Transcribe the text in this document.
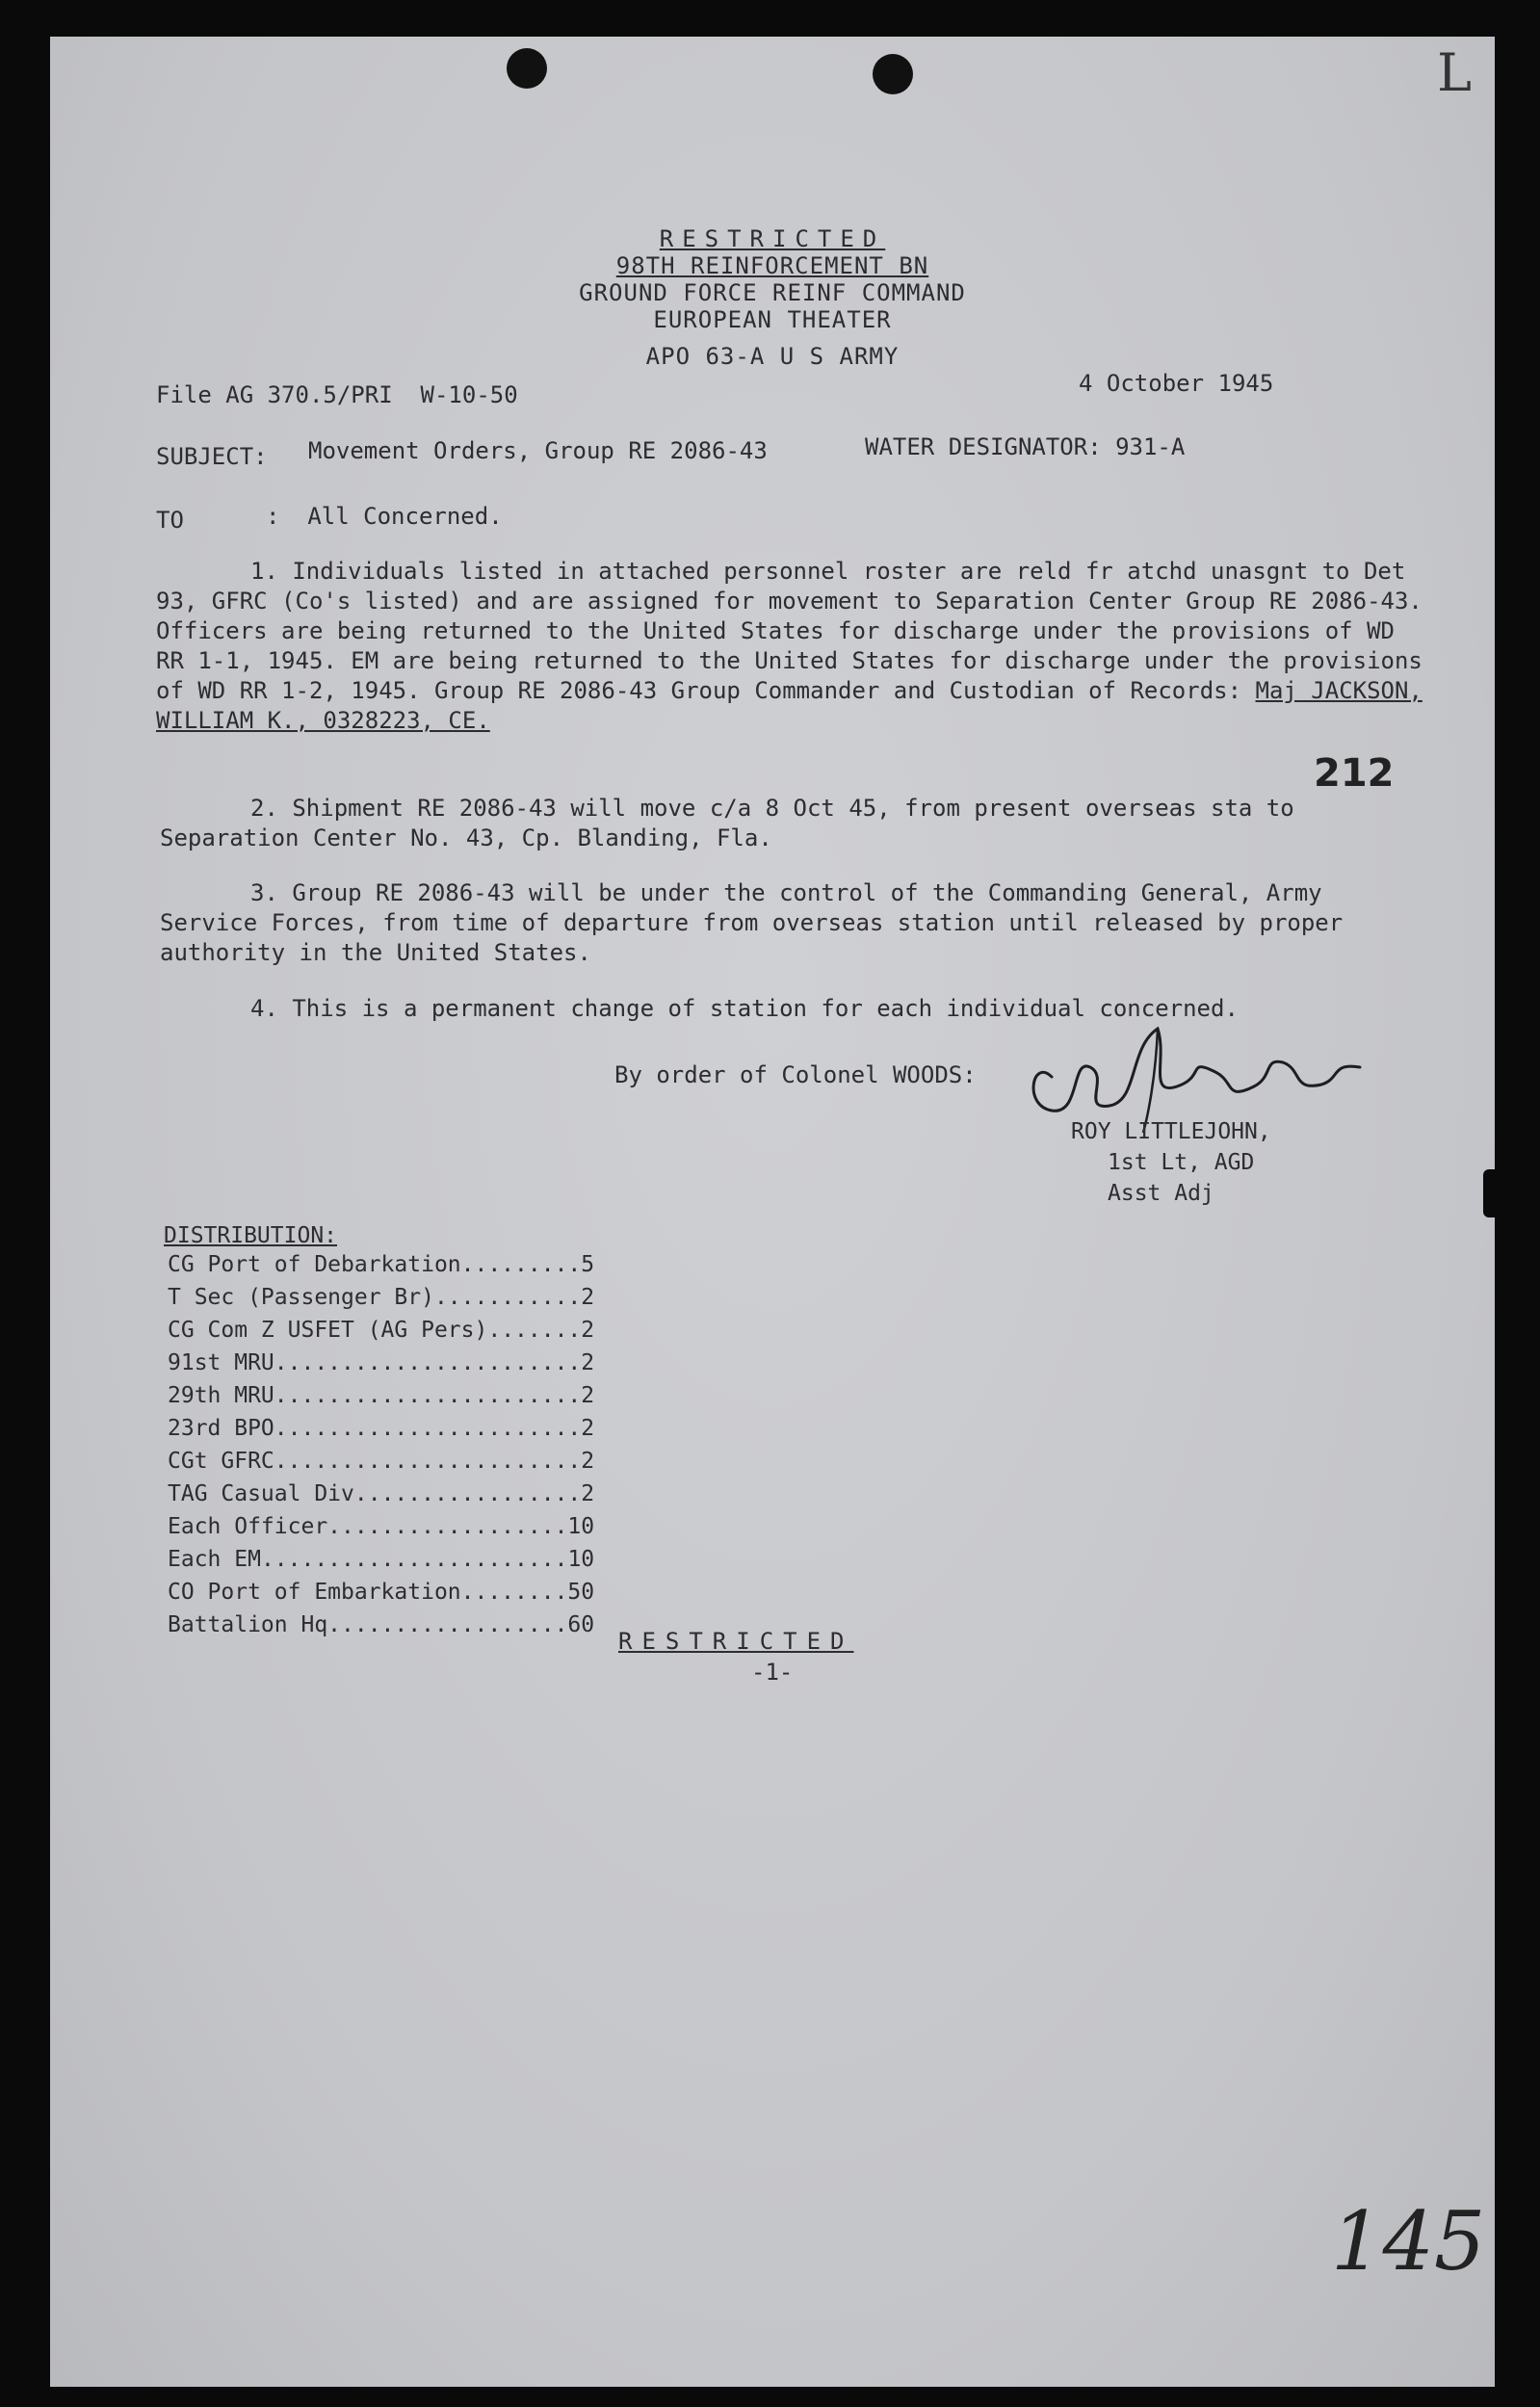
L
RESTRICTED
98TH REINFORCEMENT BN
GROUND FORCE REINF COMMAND
EUROPEAN THEATER
APO 63-A U S ARMY
File AG 370.5/PRI  W-10-50	4 October 1945
SUBJECT: Movement Orders, Group RE 2086-43	WATER DESIGNATOR: 931-A
TO	:  All Concerned.
1. Individuals listed in attached personnel roster are reld fr atchd unasgnt to Det 93, GFRC (Co's listed) and are assigned for movement to Separation Center Group RE 2086-43. Officers are being returned to the United States for discharge under the provisions of WD RR 1-1, 1945. EM are being returned to the United States for discharge under the provisions of WD RR 1-2, 1945. Group RE 2086-43 Group Commander and Custodian of Records: Maj JACKSON, WILLIAM K., 0328223, CE.
212
2. Shipment RE 2086-43 will move c/a 8 Oct 45, from present overseas sta to Separation Center No. 43, Cp. Blanding, Fla.
3. Group RE 2086-43 will be under the control of the Commanding General, Army Service Forces, from time of departure from overseas station until released by proper authority in the United States.
4. This is a permanent change of station for each individual concerned.
By order of Colonel WOODS:
ROY LITTLEJOHN,
1st Lt, AGD
Asst Adj
DISTRIBUTION:
CG Port of Debarkation.........5
T Sec (Passenger Br)...........2
CG Com Z USFET (AG Pers).......2
91st MRU.......................2
29th MRU.......................2
23rd BPO.......................2
CGt GFRC.......................2
TAG Casual Div.................2
Each Officer..................10
Each EM.......................10
CO Port of Embarkation........50
Battalion Hq..................60
RESTRICTED
-1-
145
